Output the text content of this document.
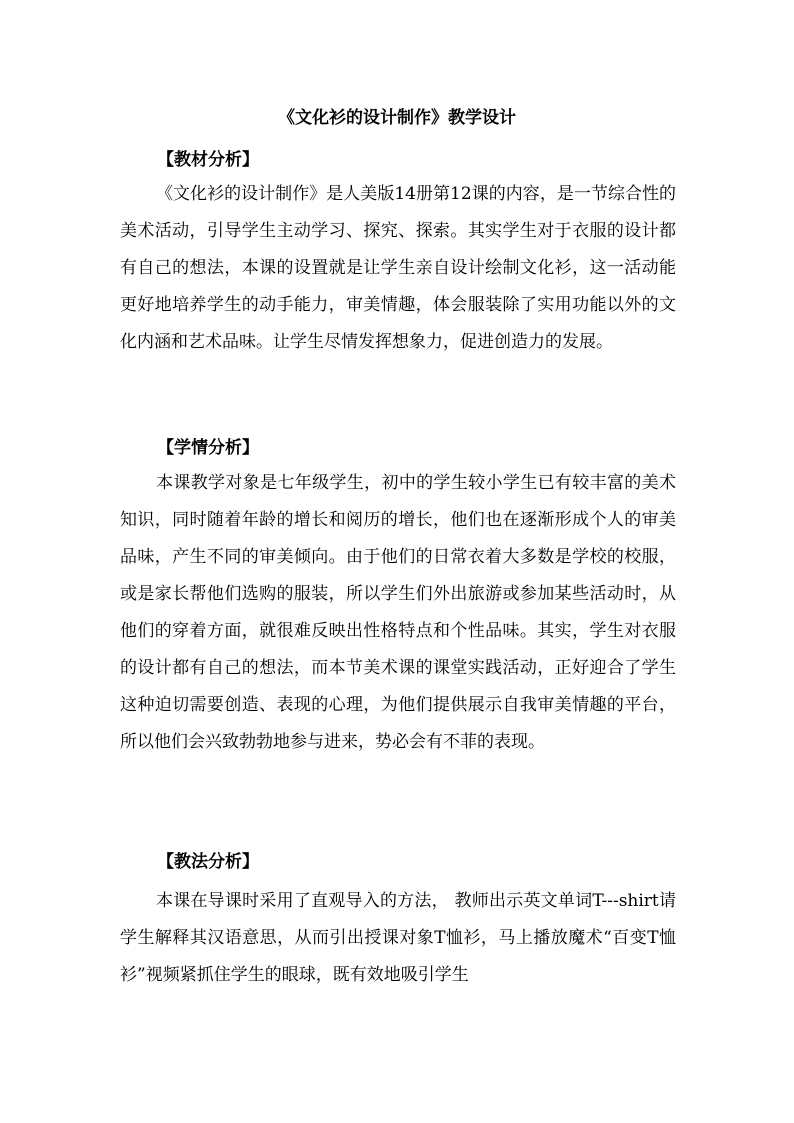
《文化衫的设计制作》教学设计
【教材分析】

《文化衫的设计制作》是人美版14册第12课的内容，是一节综合性的美术活动，引导学生主动学习、探究、探索。其实学生对于衣服的设计都有自己的想法，本课的设置就是让学生亲自设计绘制文化衫，这一活动能更好地培养学生的动手能力，审美情趣，体会服装除了实用功能以外的文化内涵和艺术品味。让学生尽情发挥想象力，促进创造力的发展。

【学情分析】

本课教学对象是七年级学生，初中的学生较小学生已有较丰富的美术知识，同时随着年龄的增长和阅历的增长，他们也在逐渐形成个人的审美品味，产生不同的审美倾向。由于他们的日常衣着大多数是学校的校服，或是家长帮他们选购的服装，所以学生们外出旅游或参加某些活动时，从他们的穿着方面，就很难反映出性格特点和个性品味。其实，学生对衣服的设计都有自己的想法，而本节美术课的课堂实践活动，正好迎合了学生这种迫切需要创造、表现的心理，为他们提供展示自我审美情趣的平台，所以他们会兴致勃勃地参与进来，势必会有不菲的表现。

【教法分析】

本课在导课时采用了直观导入的方法， 教师出示英文单词T---shirt请学生解释其汉语意思，从而引出授课对象T恤衫，马上播放魔术“百变T恤衫”视频紧抓住学生的眼球，既有效地吸引学生
